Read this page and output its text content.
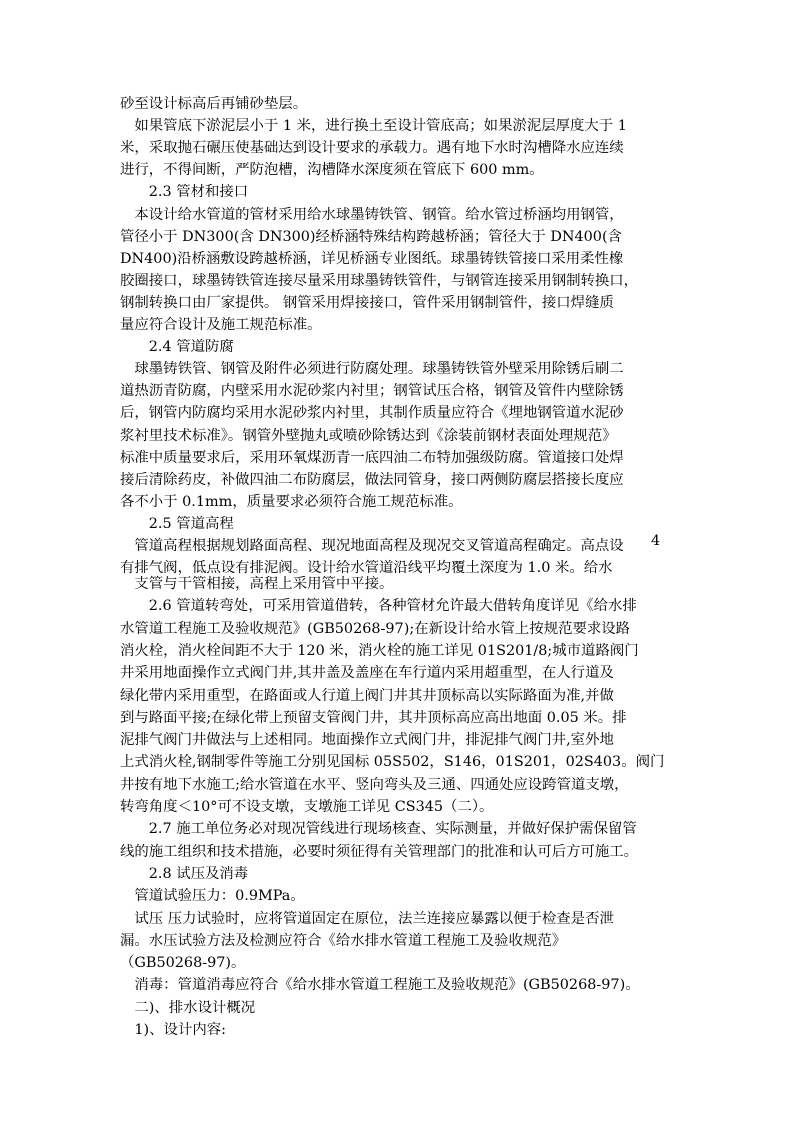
砂至设计标高后再铺砂垫层。
　如果管底下淤泥层小于 1 米，进行换土至设计管底高；如果淤泥层厚度大于 1
米，采取抛石碾压使基础达到设计要求的承载力。遇有地下水时沟槽降水应连续
进行，不得间断，严防泡槽，沟槽降水深度须在管底下 600 mm。
　　2.3 管材和接口
　本设计给水管道的管材采用给水球墨铸铁管、钢管。给水管过桥涵均用钢管，
管径小于 DN300(含 DN300)经桥涵特殊结构跨越桥涵；管径大于 DN400(含
DN400)沿桥涵敷设跨越桥涵，详见桥涵专业图纸。球墨铸铁管接口采用柔性橡
胶圈接口，球墨铸铁管连接尽量采用球墨铸铁管件，与钢管连接采用钢制转换口，
钢制转换口由厂家提供。 钢管采用焊接接口，管件采用钢制管件，接口焊缝质
量应符合设计及施工规范标准。
　　2.4 管道防腐
　球墨铸铁管、钢管及附件必须进行防腐处理。球墨铸铁管外壁采用除锈后刷二
道热沥青防腐，内壁采用水泥砂浆内衬里；钢管试压合格，钢管及管件内壁除锈
后，钢管内防腐均采用水泥砂浆内衬里，其制作质量应符合《埋地钢管道水泥砂
浆衬里技术标准》。钢管外壁抛丸或喷砂除锈达到《涂装前钢材表面处理规范》
标准中质量要求后，采用环氧煤沥青一底四油二布特加强级防腐。管道接口处焊
接后清除药皮，补做四油二布防腐层，做法同管身，接口两侧防腐层搭接长度应
各不小于 0.1mm，质量要求必须符合施工规范标准。
　　2.5 管道高程
　管道高程根据规划路面高程、现况地面高程及现况交叉管道高程确定。高点设
有排气阀，低点设有排泥阀。设计给水管道沿线平均覆土深度为 1.0 米。给水
4
　支管与干管相接，高程上采用管中平接。
　　2.6 管道转弯处，可采用管道借转，各种管材允许最大借转角度详见《给水排
水管道工程施工及验收规范》(GB50268-97);在新设计给水管上按规范要求设路
消火栓，消火栓间距不大于 120 米，消火栓的施工详见 01S201/8;城市道路阀门
井采用地面操作立式阀门井,其井盖及盖座在车行道内采用超重型，在人行道及
绿化带内采用重型，在路面或人行道上阀门井其井顶标高以实际路面为准,并做
到与路面平接;在绿化带上预留支管阀门井，其井顶标高应高出地面 0.05 米。排
泥排气阀门井做法与上述相同。地面操作立式阀门井，排泥排气阀门井,室外地
上式消火栓,钢制零件等施工分别见国标 05S502，S146，01S201，02S403。阀门
井按有地下水施工;给水管道在水平、竖向弯头及三通、四通处应设跨管道支墩，
转弯角度＜10°可不设支墩，支墩施工详见 CS345（二）。
　　2.7 施工单位务必对现况管线进行现场核查、实际测量，并做好保护需保留管
线的施工组织和技术措施，必要时须征得有关管理部门的批准和认可后方可施工。
　　2.8 试压及消毒
　管道试验压力：0.9MPa。
　试压 压力试验时，应将管道固定在原位，法兰连接应暴露以便于检查是否泄
漏。水压试验方法及检测应符合《给水排水管道工程施工及验收规范》
（GB50268-97)。
　消毒：管道消毒应符合《给水排水管道工程施工及验收规范》(GB50268-97)。
　二)、排水设计概况
　1)、设计内容:
